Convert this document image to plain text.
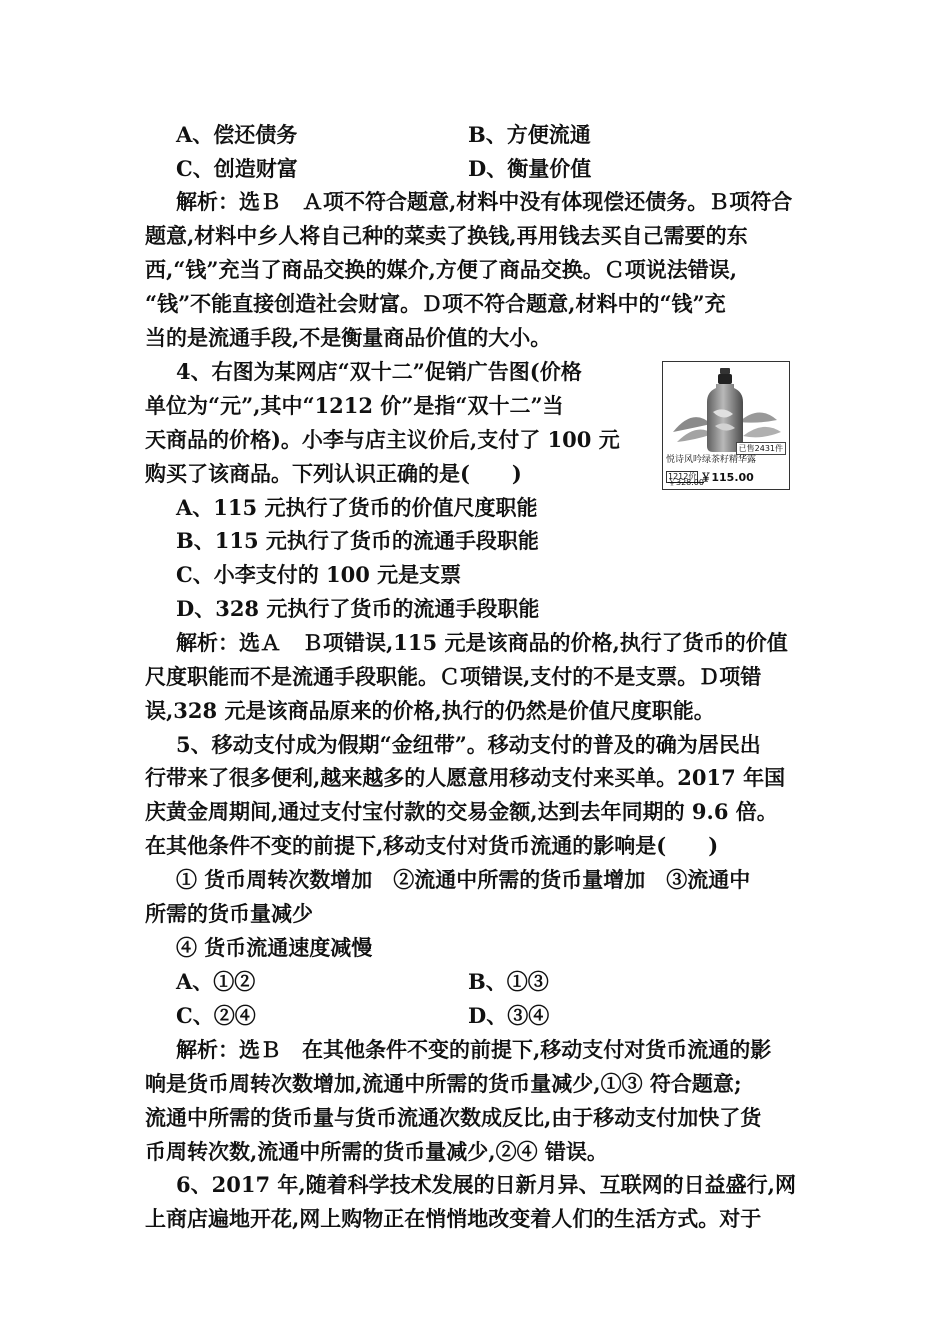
A、偿还债务	B、方便流通
C、创造财富	D、衡量价值
解析：选Ｂ　Ａ项不符合题意,材料中没有体现偿还债务。Ｂ项符合
题意,材料中乡人将自己种的菜卖了换钱,再用钱去买自己需要的东
西,“钱”充当了商品交换的媒介,方便了商品交换。Ｃ项说法错误,
“钱”不能直接创造社会财富。Ｄ项不符合题意,材料中的“钱”充
当的是流通手段,不是衡量商品价值的大小。
4、右图为某网店“双十二”促销广告图(价格
单位为“元”,其中“1212 价”是指“双十二”当
天商品的价格)。小李与店主议价后,支付了 100 元
购买了该商品。下列认识正确的是(　　)
A、115 元执行了货币的价值尺度职能
B、115 元执行了货币的流通手段职能
C、小李支付的 100 元是支票
D、328 元执行了货币的流通手段职能
解析：选Ａ　Ｂ项错误,115 元是该商品的价格,执行了货币的价值
尺度职能而不是流通手段职能。Ｃ项错误,支付的不是支票。Ｄ项错
误,328 元是该商品原来的价格,执行的仍然是价值尺度职能。
5、移动支付成为假期“金纽带”。移动支付的普及的确为居民出
行带来了很多便利,越来越多的人愿意用移动支付来买单。2017 年国
庆黄金周期间,通过支付宝付款的交易金额,达到去年同期的 9.6 倍。
在其他条件不变的前提下,移动支付对货币流通的影响是(　　)
① 货币周转次数增加　②流通中所需的货币量增加　③流通中
所需的货币量减少
④ 货币流通速度减慢
A、①②	B、①③
C、②④	D、③④
解析：选Ｂ　在其他条件不变的前提下,移动支付对货币流通的影
响是货币周转次数增加,流通中所需的货币量减少,①③ 符合题意;
流通中所需的货币量与货币流通次数成反比,由于移动支付加快了货
币周转次数,流通中所需的货币量减少,②④ 错误。
6、2017 年,随着科学技术发展的日新月异、互联网的日益盛行,网
上商店遍地开花,网上购物正在悄悄地改变着人们的生活方式。对于
已售2431件
悦诗风吟绿茶籽精华露
1212价 ￥115.00
￥328.00
